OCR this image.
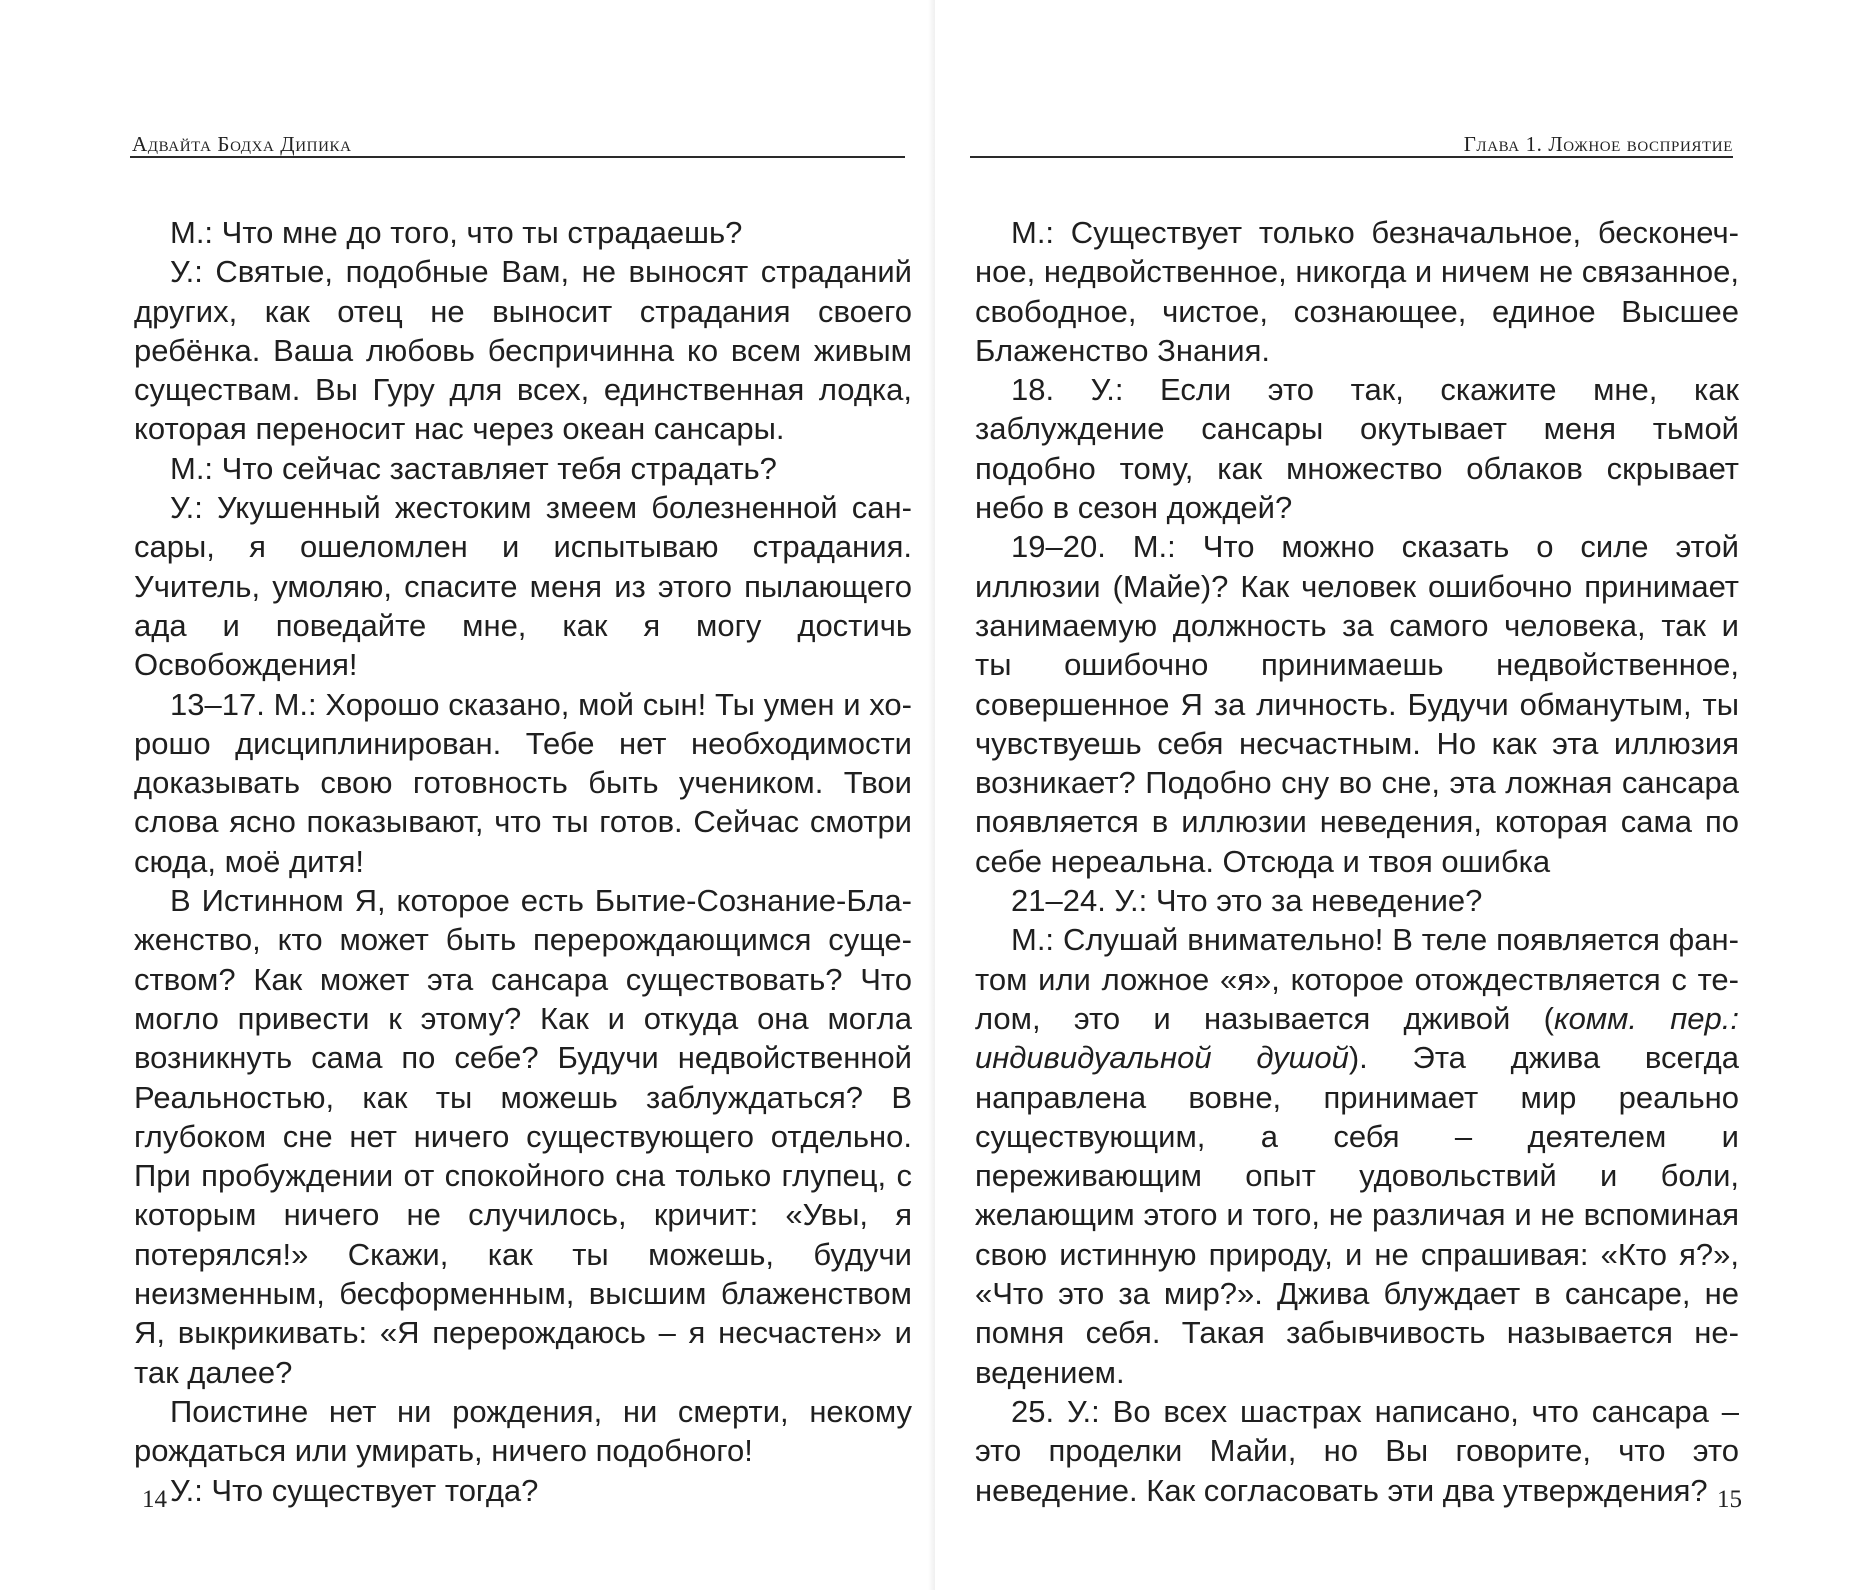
Адвайта Бодха Дипика

М.: Что мне до того, что ты страдаешь?

У.: Святые, подобные Вам, не выносят страданий других, как отец не выносит страдания своего ребёнка. Ваша любовь беспричинна ко всем живым существам. Вы Гуру для всех, единственная лодка, которая переносит нас через океан сансары.

М.: Что сейчас заставляет тебя страдать?

У.: Укушенный жестоким змеем болезненной сансары, я ошеломлен и испытываю страдания. Учитель, умоляю, спасите меня из этого пылающего ада и поведайте мне, как я могу достичь Освобождения!

13–17. М.: Хорошо сказано, мой сын! Ты умен и хорошо дисциплинирован. Тебе нет необходимости доказывать свою готовность быть учеником. Твои слова ясно показывают, что ты готов. Сейчас смотри сюда, моё дитя!

В Истинном Я, которое есть Бытие-Сознание-Блаженство, кто может быть перерождающимся существом? Как может эта сансара существовать? Что могло привести к этому? Как и откуда она могла возникнуть сама по себе? Будучи недвойственной Реальностью, как ты можешь заблуждаться? В глубоком сне нет ничего существующего отдельно. При пробуждении от спокойного сна только глупец, с которым ничего не случилось, кричит: «Увы, я потерялся!» Скажи, как ты можешь, будучи неизменным, бесформенным, высшим блаженством Я, выкрикивать: «Я перерождаюсь – я несчастен» и так далее?

Поистине нет ни рождения, ни смерти, некому рождаться или умирать, ничего подобного!

У.: Что существует тогда?

14

Глава 1. Ложное восприятие

М.: Существует только безначальное, бесконечное, недвойственное, никогда и ничем не связанное, свободное, чистое, сознающее, единое Высшее Блаженство Знания.

18. У.: Если это так, скажите мне, как заблуждение сансары окутывает меня тьмой подобно тому, как множество облаков скрывает небо в сезон дождей?

19–20. М.: Что можно сказать о силе этой иллюзии (Майе)? Как человек ошибочно принимает занимаемую должность за самого человека, так и ты ошибочно принимаешь недвойственное, совершенное Я за личность. Будучи обманутым, ты чувствуешь себя несчастным. Но как эта иллюзия возникает? Подобно сну во сне, эта ложная сансара появляется в иллюзии неведения, которая сама по себе нереальна. Отсюда и твоя ошибка

21–24. У.: Что это за неведение?

М.: Слушай внимательно! В теле появляется фантом или ложное «я», которое отождествляется с телом, это и называется дживой (комм. пер.: индивидуальной душой). Эта джива всегда направлена вовне, принимает мир реально существующим, а себя – деятелем и переживающим опыт удовольствий и боли, желающим этого и того, не различая и не вспоминая свою истинную природу, и не спрашивая: «Кто я?», «Что это за мир?». Джива блуждает в сансаре, не помня себя. Такая забывчивость называется неведением.

25. У.: Во всех шастрах написано, что сансара – это проделки Майи, но Вы говорите, что это неведение. Как согласовать эти два утверждения? 15
